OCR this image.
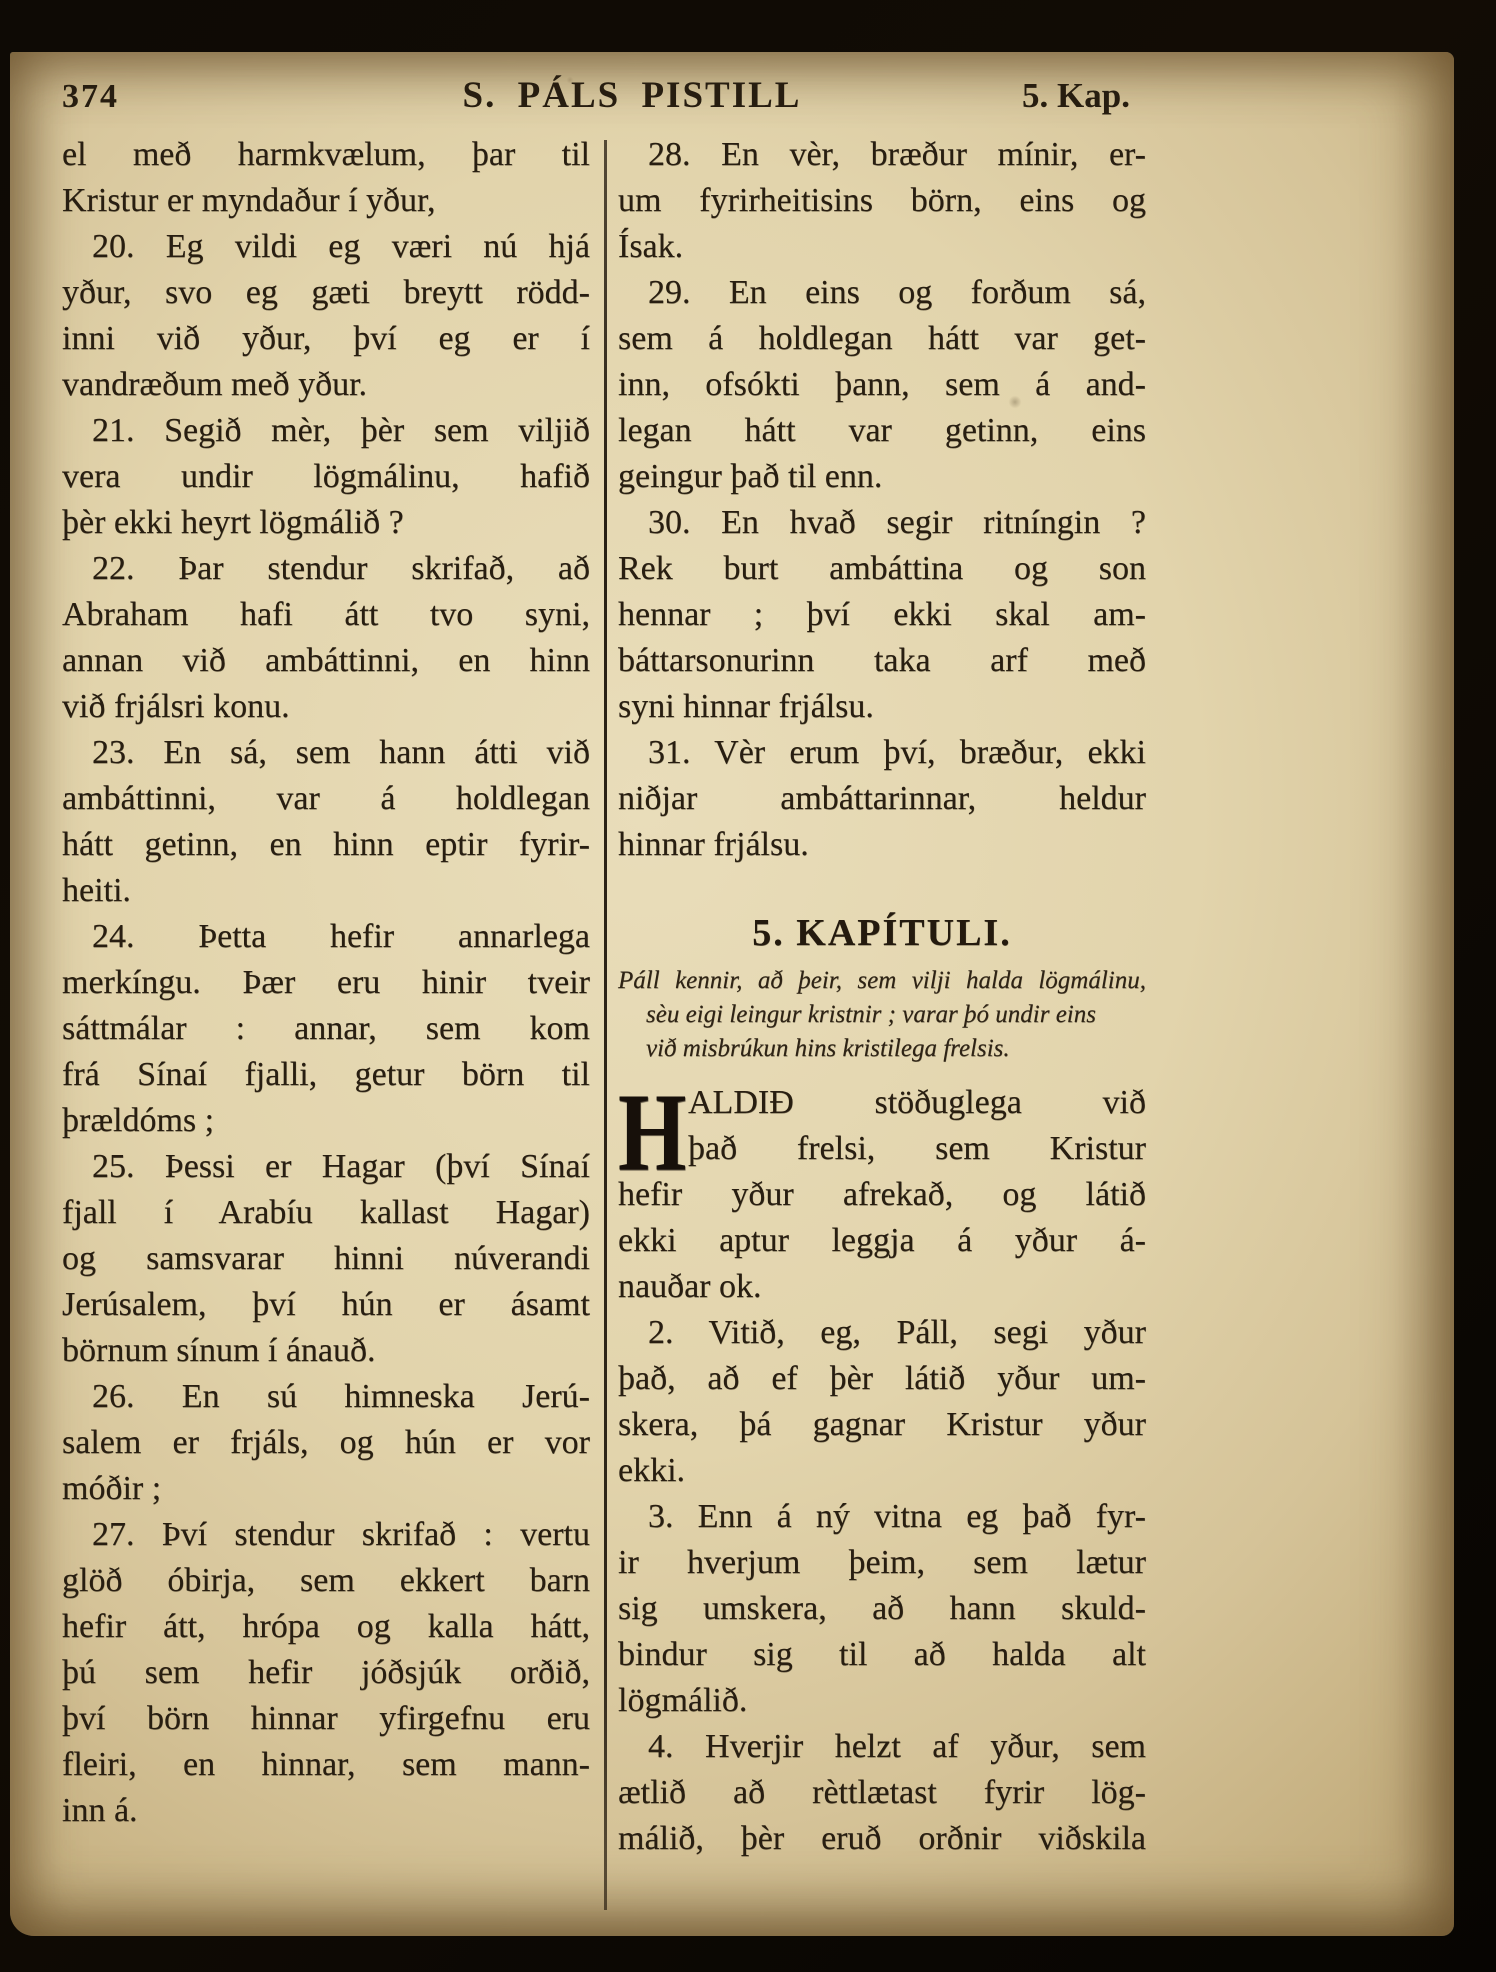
374	S. PÁLS PISTILL	5. Kap.
el með harmkvælum, þar til
Kristur er myndaður í yður,
20. Eg vildi eg væri nú hjá
yður, svo eg gæti breytt rödd-
inni við yður, því eg er í
vandræðum með yður.
21. Segið mèr, þèr sem viljið
vera undir lögmálinu, hafið
þèr ekki heyrt lögmálið ?
22. Þar stendur skrifað, að
Abraham hafi átt tvo syni,
annan við ambáttinni, en hinn
við frjálsri konu.
23. En sá, sem hann átti við
ambáttinni, var á holdlegan
hátt getinn, en hinn eptir fyrir-
heiti.
24. Þetta hefir annarlega
merkíngu. Þær eru hinir tveir
sáttmálar : annar, sem kom
frá Sínaí fjalli, getur börn til
þrældóms ;
25. Þessi er Hagar (því Sínaí
fjall í Arabíu kallast Hagar)
og samsvarar hinni núverandi
Jerúsalem, því hún er ásamt
börnum sínum í ánauð.
26. En sú himneska Jerú-
salem er frjáls, og hún er vor
móðir ;
27. Því stendur skrifað : vertu
glöð óbirja, sem ekkert barn
hefir átt, hrópa og kalla hátt,
þú sem hefir jóðsjúk orðið,
því börn hinnar yfirgefnu eru
fleiri, en hinnar, sem mann-
inn á.
28. En vèr, bræður mínir, er-
um fyrirheitisins börn, eins og
Ísak.
29. En eins og forðum sá,
sem á holdlegan hátt var get-
inn, ofsókti þann, sem á and-
legan hátt var getinn, eins
geingur það til enn.
30. En hvað segir ritníngin ?
Rek burt ambáttina og son
hennar ; því ekki skal am-
báttarsonurinn taka arf með
syni hinnar frjálsu.
31. Vèr erum því, bræður, ekki
niðjar ambáttarinnar, heldur
hinnar frjálsu.
5. KAPÍTULI.
Páll kennir, að þeir, sem vilji halda lögmálinu,
sèu eigi leingur kristnir ; varar þó undir eins
við misbrúkun hins kristilega frelsis.
H ALDIÐ stöðuglega við
það frelsi, sem Kristur
hefir yður afrekað, og látið
ekki aptur leggja á yður á-
nauðar ok.
2. Vitið, eg, Páll, segi yður
það, að ef þèr látið yður um-
skera, þá gagnar Kristur yður
ekki.
3. Enn á ný vitna eg það fyr-
ir hverjum þeim, sem lætur
sig umskera, að hann skuld-
bindur sig til að halda alt
lögmálið.
4. Hverjir helzt af yður, sem
ætlið að rèttlætast fyrir lög-
málið, þèr eruð orðnir viðskila
